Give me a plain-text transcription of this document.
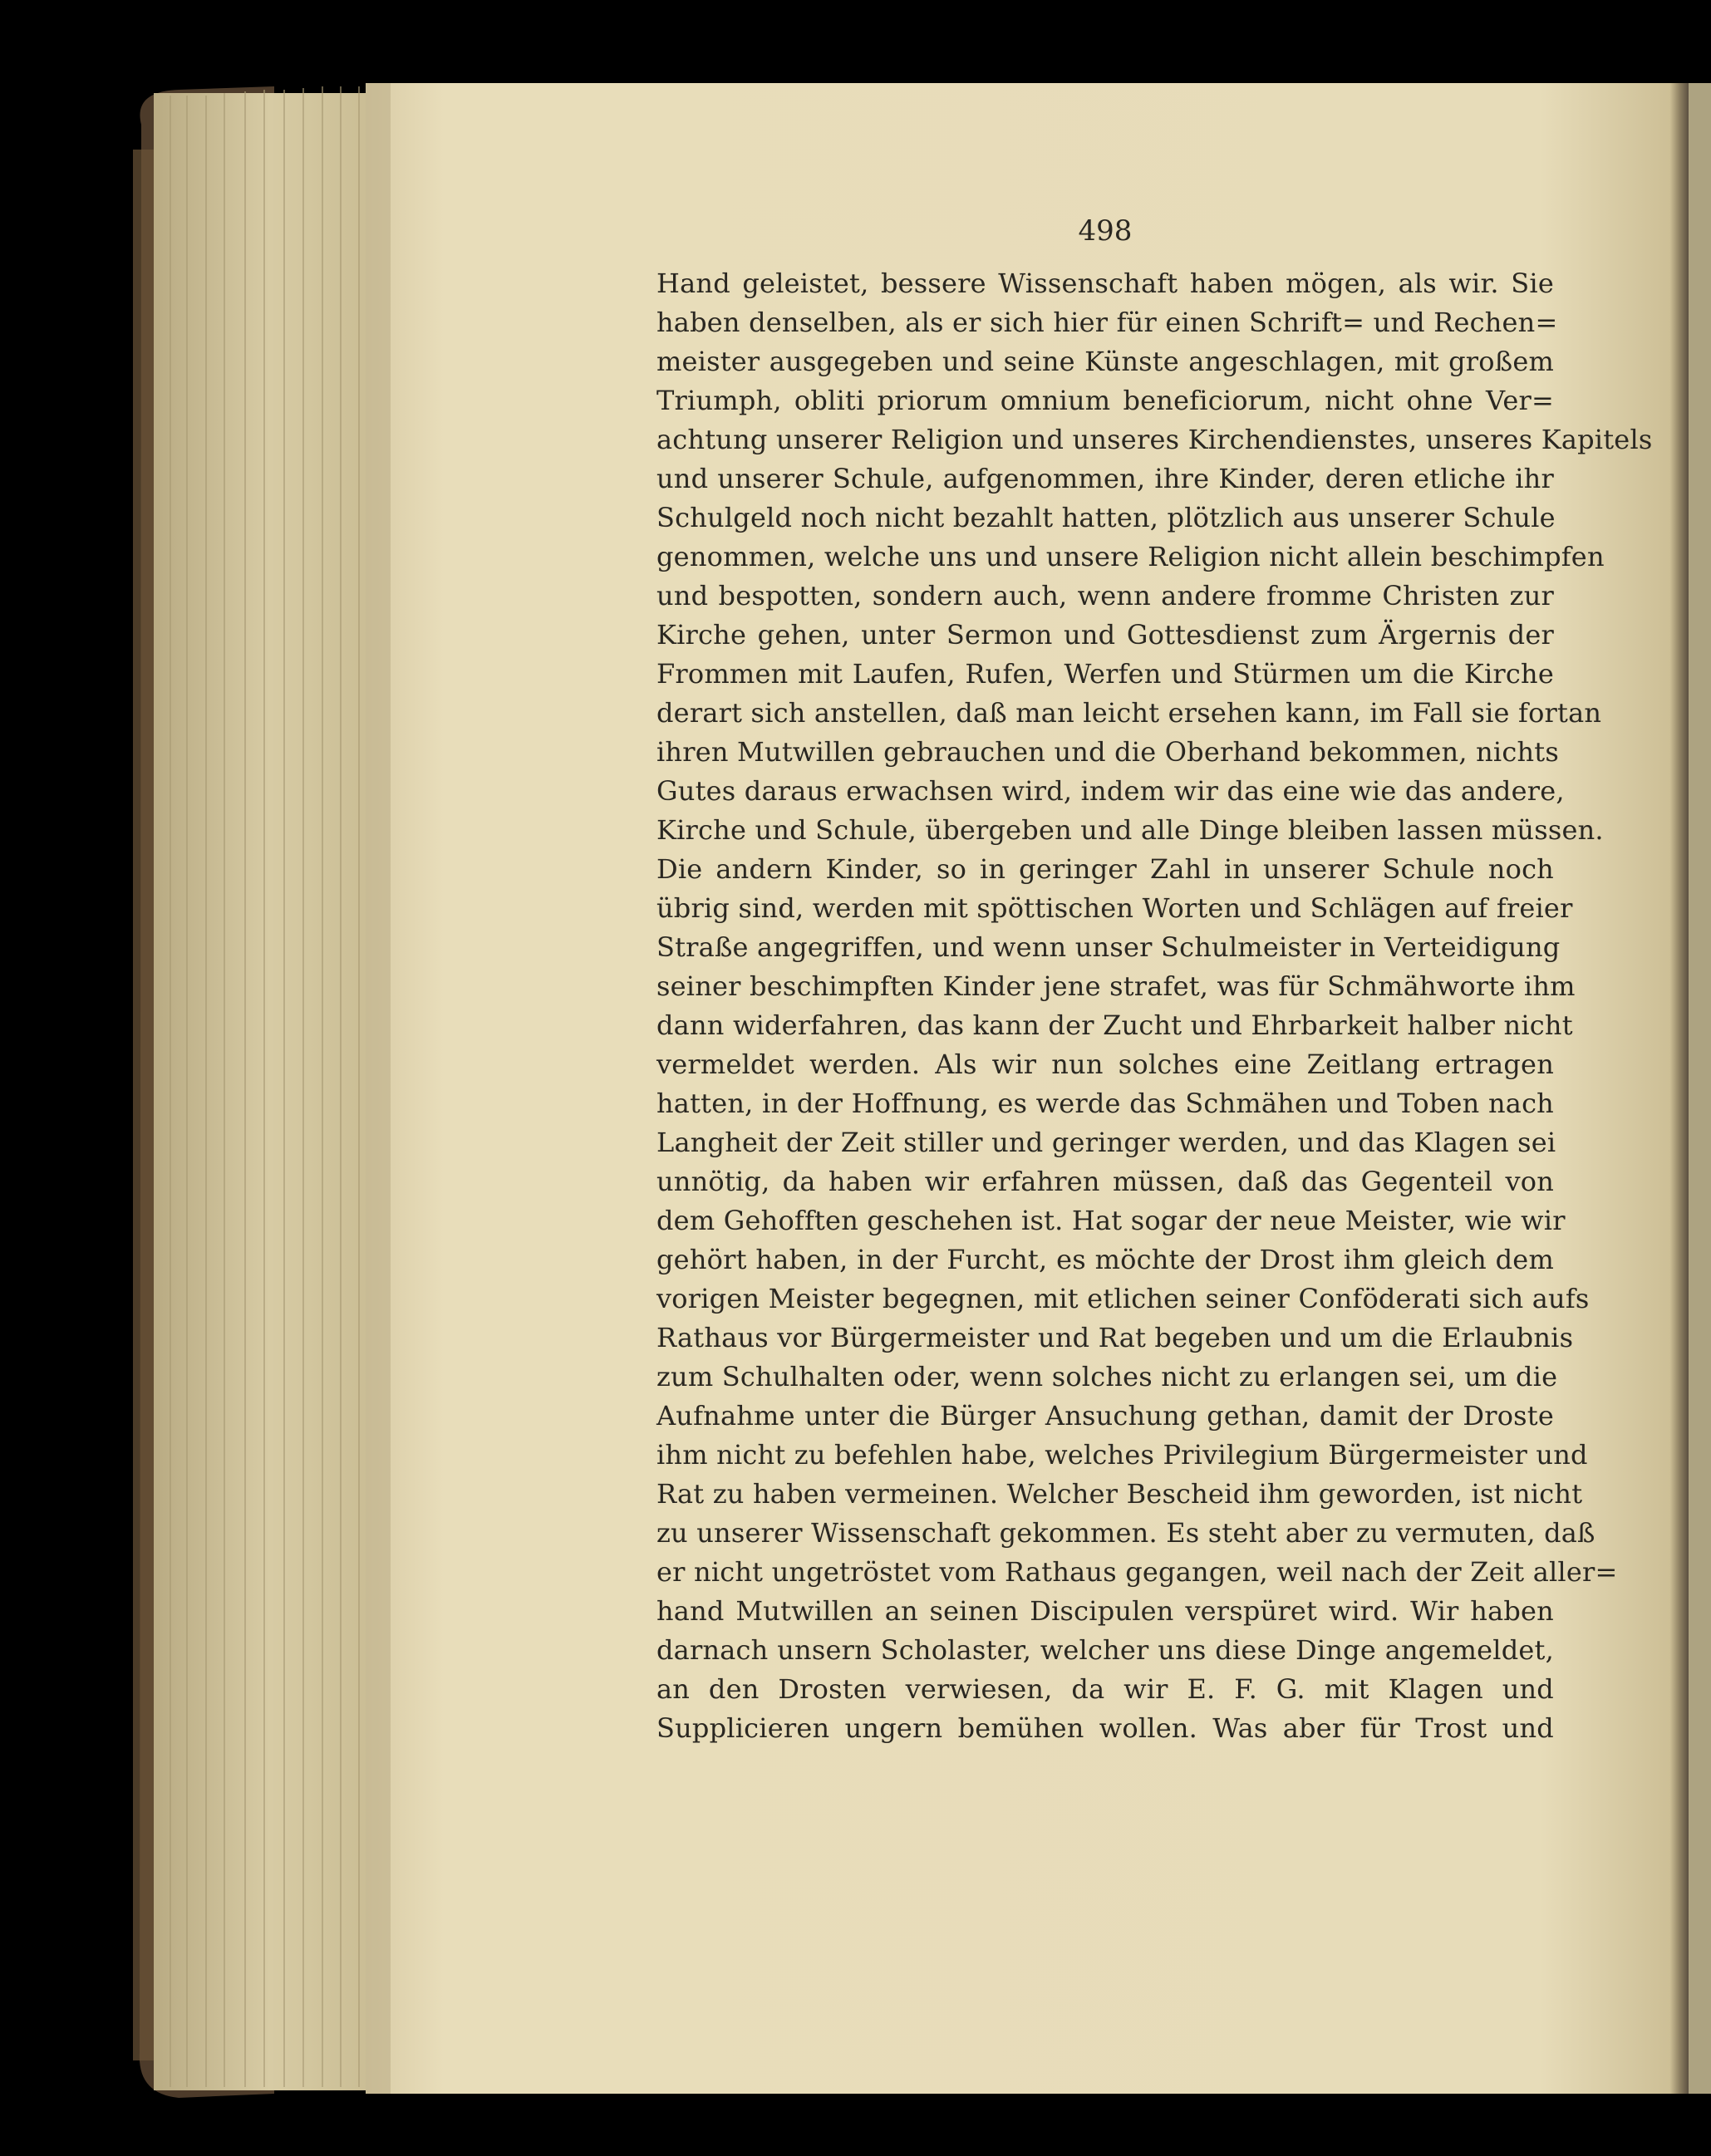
498
Hand geleistet, bessere Wissenschaft haben mögen, als wir. Sie
haben denselben, als er sich hier für einen Schrift= und Rechen=
meister ausgegeben und seine Künste angeschlagen, mit großem
Triumph, obliti priorum omnium beneficiorum, nicht ohne Ver=
achtung unserer Religion und unseres Kirchendienstes, unseres Kapitels
und unserer Schule, aufgenommen, ihre Kinder, deren etliche ihr
Schulgeld noch nicht bezahlt hatten, plötzlich aus unserer Schule
genommen, welche uns und unsere Religion nicht allein beschimpfen
und bespotten, sondern auch, wenn andere fromme Christen zur
Kirche gehen, unter Sermon und Gottesdienst zum Ärgernis der
Frommen mit Laufen, Rufen, Werfen und Stürmen um die Kirche
derart sich anstellen, daß man leicht ersehen kann, im Fall sie fortan
ihren Mutwillen gebrauchen und die Oberhand bekommen, nichts
Gutes daraus erwachsen wird, indem wir das eine wie das andere,
Kirche und Schule, übergeben und alle Dinge bleiben lassen müssen.
Die andern Kinder, so in geringer Zahl in unserer Schule noch
übrig sind, werden mit spöttischen Worten und Schlägen auf freier
Straße angegriffen, und wenn unser Schulmeister in Verteidigung
seiner beschimpften Kinder jene strafet, was für Schmähworte ihm
dann widerfahren, das kann der Zucht und Ehrbarkeit halber nicht
vermeldet werden. Als wir nun solches eine Zeitlang ertragen
hatten, in der Hoffnung, es werde das Schmähen und Toben nach
Langheit der Zeit stiller und geringer werden, und das Klagen sei
unnötig, da haben wir erfahren müssen, daß das Gegenteil von
dem Gehofften geschehen ist. Hat sogar der neue Meister, wie wir
gehört haben, in der Furcht, es möchte der Drost ihm gleich dem
vorigen Meister begegnen, mit etlichen seiner Conföderati sich aufs
Rathaus vor Bürgermeister und Rat begeben und um die Erlaubnis
zum Schulhalten oder, wenn solches nicht zu erlangen sei, um die
Aufnahme unter die Bürger Ansuchung gethan, damit der Droste
ihm nicht zu befehlen habe, welches Privilegium Bürgermeister und
Rat zu haben vermeinen. Welcher Bescheid ihm geworden, ist nicht
zu unserer Wissenschaft gekommen. Es steht aber zu vermuten, daß
er nicht ungetröstet vom Rathaus gegangen, weil nach der Zeit aller=
hand Mutwillen an seinen Discipulen verspüret wird. Wir haben
darnach unsern Scholaster, welcher uns diese Dinge angemeldet,
an den Drosten verwiesen, da wir E. F. G. mit Klagen und
Supplicieren ungern bemühen wollen. Was aber für Trost und
